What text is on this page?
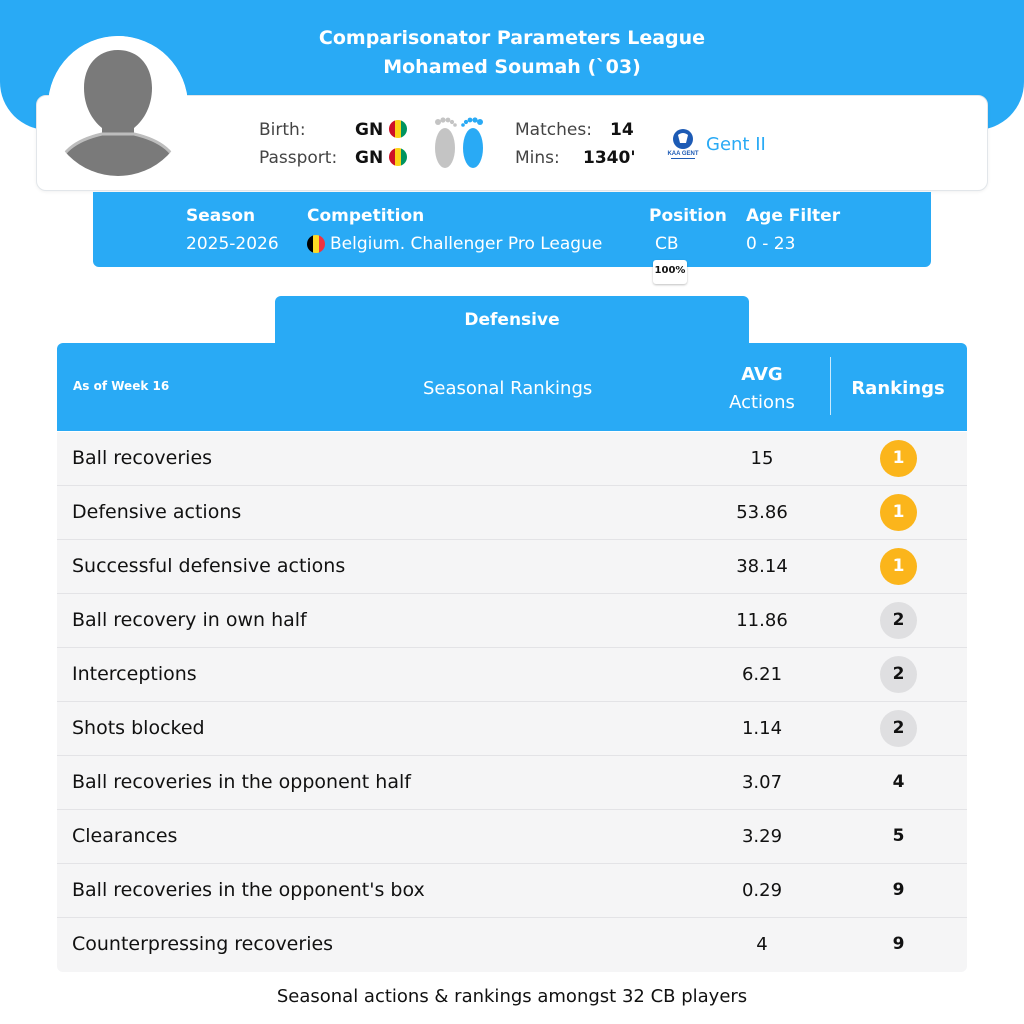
Comparisonator Parameters League
Mohamed Soumah (`03)
Birth:	GN
Passport: GN
Matches: 14
Mins: 1340'	KAA GENT Gent II
Season
2025-2026
Competition
Belgium. Challenger Pro League
Position
CB
Age Filter
0 - 23
100%
Defensive
As of Week 16	Seasonal Rankings
AVG
Actions
Rankings
Ball recoveries	15	1
Defensive actions	53.86	1
Successful defensive actions	38.14	1
Ball recovery in own half	11.86	2
Interceptions	6.21	2
Shots blocked	1.14	2
Ball recoveries in the opponent half	3.07	4
Clearances	3.29	5
Ball recoveries in the opponent's box	0.29	9
Counterpressing recoveries	4	9
Seasonal actions & rankings amongst 32 CB players
